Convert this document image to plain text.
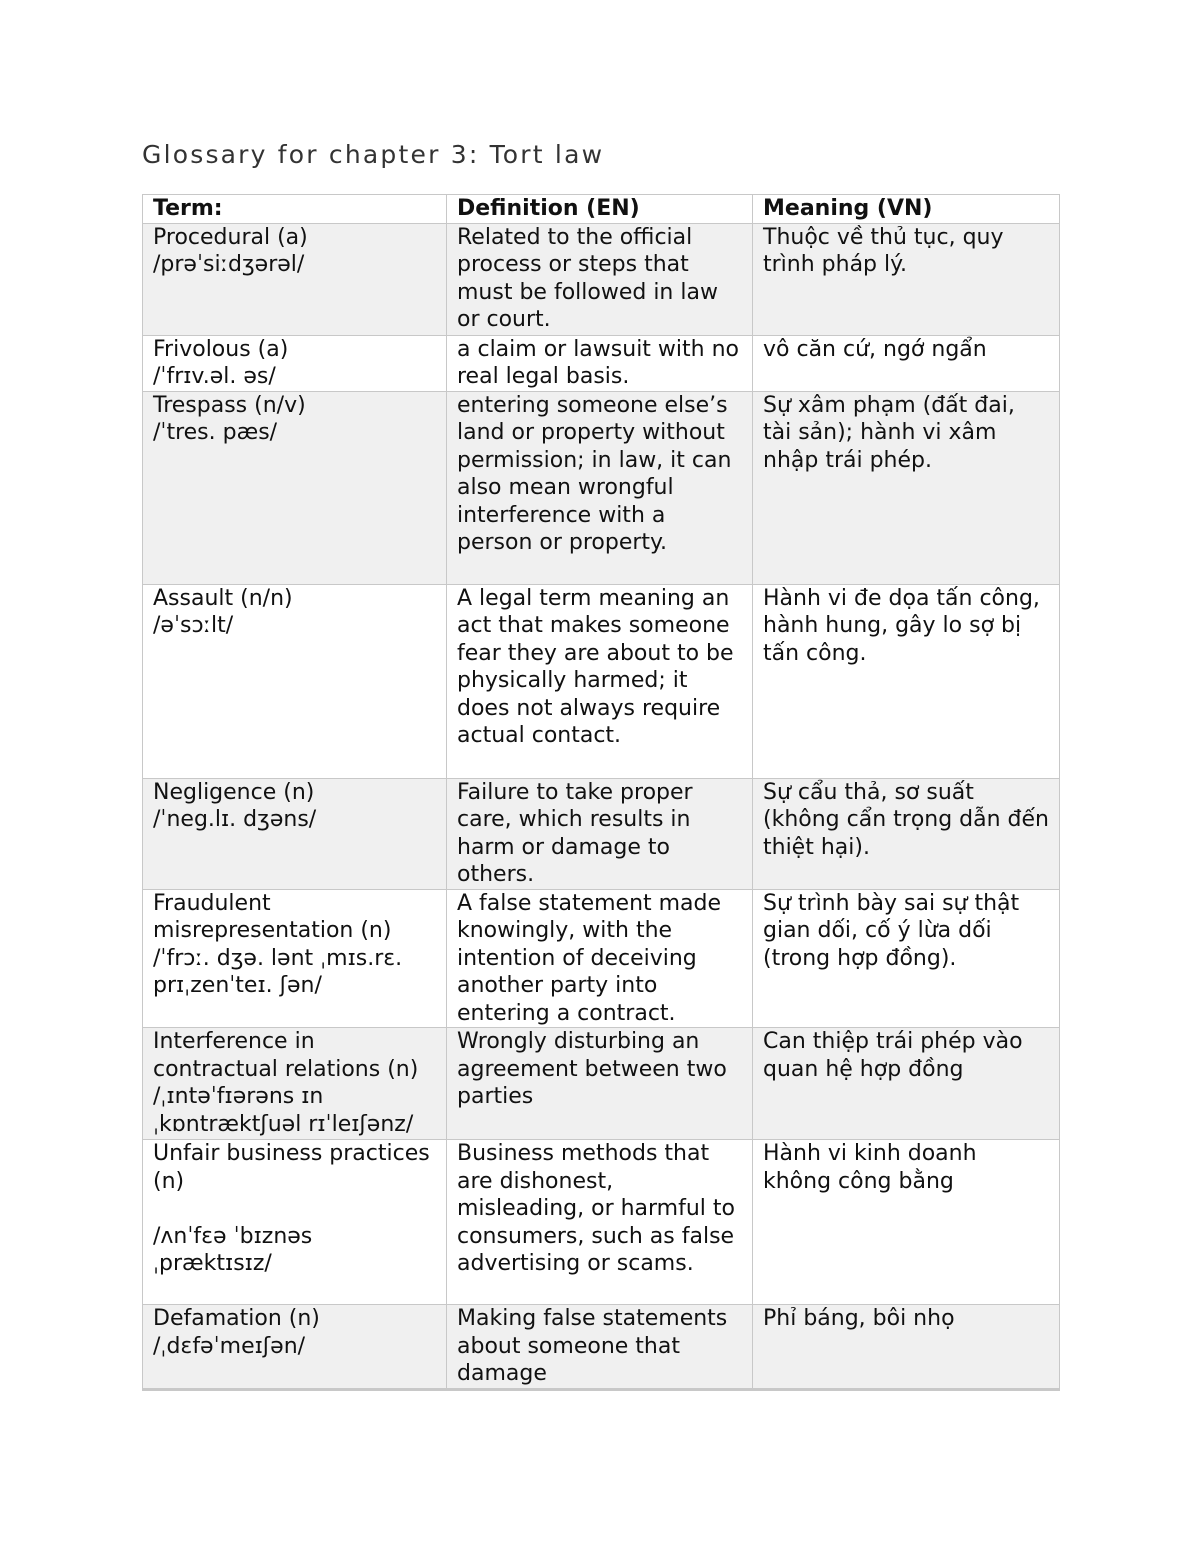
Glossary for chapter 3: Tort law
Term:	Definition (EN)	Meaning (VN)
Procedural (a)
/prəˈsiːdʒərəl/	Related to the official process or steps that must be followed in law or court.	Thuộc về thủ tục, quy trình pháp lý.
Frivolous (a)
/ˈfrɪv.əl. əs/	a claim or lawsuit with no real legal basis.	vô căn cứ, ngớ ngẩn
Trespass (n/v)
/ˈtres. pæs/	entering someone else’s land or property without permission; in law, it can also mean wrongful interference with a person or property.	Sự xâm phạm (đất đai, tài sản); hành vi xâm nhập trái phép.
Assault (n/n)
/əˈsɔːlt/	A legal term meaning an act that makes someone fear they are about to be physically harmed; it does not always require actual contact.	Hành vi đe dọa tấn công, hành hung, gây lo sợ bị tấn công.
Negligence (n)
/ˈneg.lɪ. dʒəns/	Failure to take proper care, which results in harm or damage to others.	Sự cẩu thả, sơ suất (không cẩn trọng dẫn đến thiệt hại).
Fraudulent misrepresentation (n)
/ˈfrɔː. dʒə. lənt ˌmɪs.rɛ. prɪˌzenˈteɪ. ʃən/	A false statement made knowingly, with the intention of deceiving another party into entering a contract.	Sự trình bày sai sự thật gian dối, cố ý lừa dối (trong hợp đồng).
Interference in contractual relations (n)
/ˌɪntəˈfɪərəns ɪn ˌkɒntræktʃuəl rɪˈleɪʃənz/	Wrongly disturbing an agreement between two parties	Can thiệp trái phép vào quan hệ hợp đồng
Unfair business practices (n)

/ʌnˈfɛə ˈbɪznəs ˌpræktɪsɪz/	Business methods that are dishonest, misleading, or harmful to consumers, such as false advertising or scams.	Hành vi kinh doanh không công bằng
Defamation (n)
/ˌdɛfəˈmeɪʃən/	Making false statements about someone that damage	Phỉ báng, bôi nhọ
